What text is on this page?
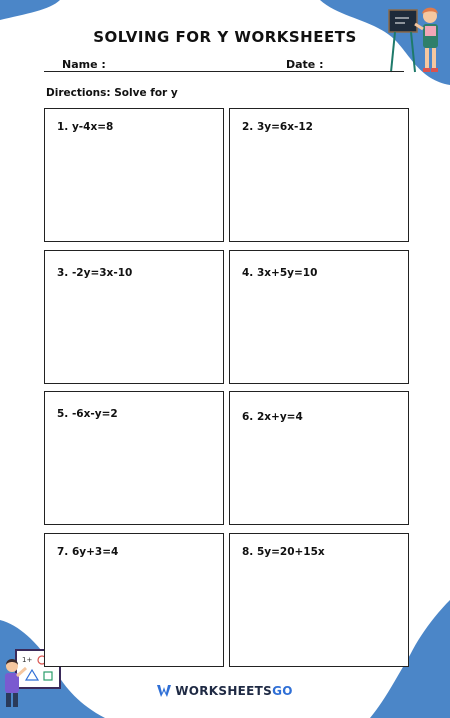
1+
SOLVING FOR Y WORKSHEETS
Name :	Date :
Directions: Solve for y
1. y-4x=8	2. 3y=6x-12
3. -2y=3x-10	4. 3x+5y=10
5. -6x-y=2	6. 2x+y=4
7. 6y+3=4	8. 5y=20+15x
WORKSHEETSGO
